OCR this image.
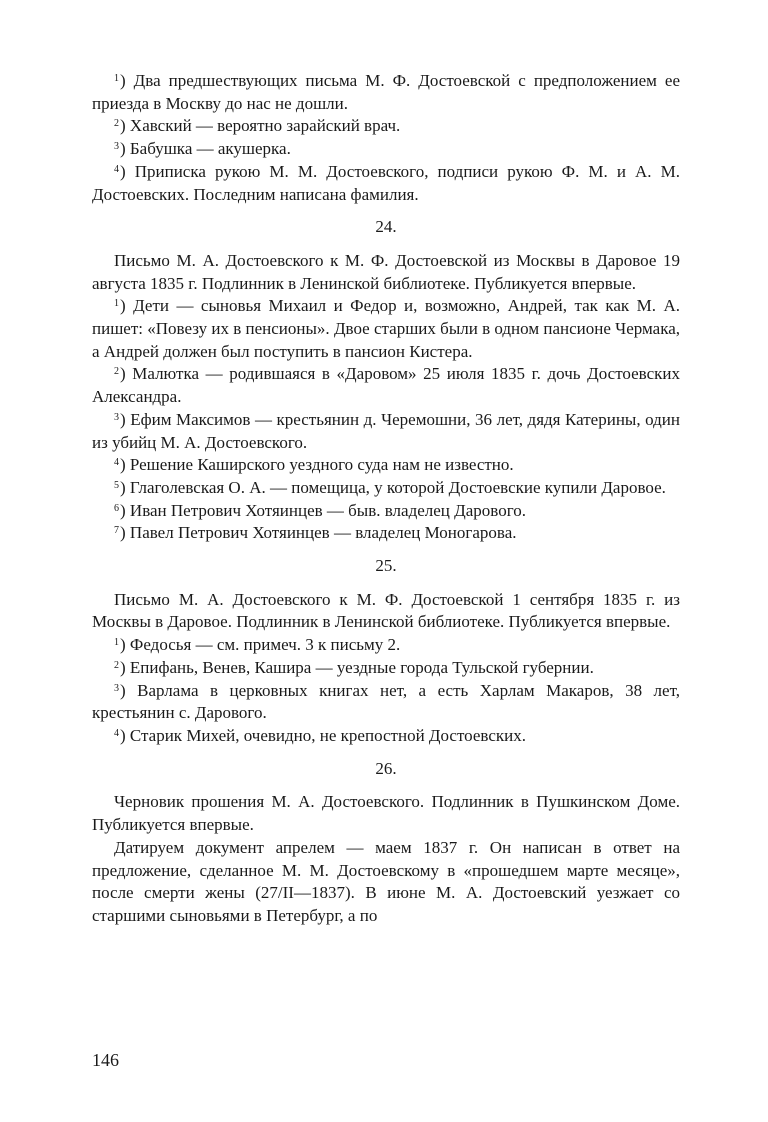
$^1$) Два предшествующих письма М. Ф. Достоевской с предположением ее приезда в Москву до нас не дошли.

$^2$) Хавский — вероятно зарайский врач.

$^3$) Бабушка — акушерка.

$^4$) Приписка рукою М. М. Достоевского, подписи рукою Ф. М. и А. М. Достоевских. Последним написана фамилия.

24.

Письмо М. А. Достоевского к М. Ф. Достоевской из Москвы в Даровое 19 августа 1835 г. Подлинник в Ленинской библиотеке. Публикуется впервые.

$^1$) Дети — сыновья Михаил и Федор и, возможно, Андрей, так как М. А. пишет: «Повезу их в пенсионы». Двое старших были в одном пансионе Чермака, а Андрей должен был поступить в пансион Кистера.

$^2$) Малютка — родившаяся в «Даровом» 25 июля 1835 г. дочь Достоевских Александра.

$^3$) Ефим Максимов — крестьянин д. Черемошни, 36 лет, дядя Катерины, один из убийц М. А. Достоевского.

$^4$) Решение Каширского уездного суда нам не известно.

$^5$) Глаголевская О. А. — помещица, у которой Достоевские купили Даровое.

$^6$) Иван Петрович Хотяинцев — быв. владелец Дарового.

$^7$) Павел Петрович Хотяинцев — владелец Моногарова.

25.

Письмо М. А. Достоевского к М. Ф. Достоевской 1 сентября 1835 г. из Москвы в Даровое. Подлинник в Ленинской библиотеке. Публикуется впервые.

$^1$) Федосья — см. примеч. 3 к письму 2.

$^2$) Епифань, Венев, Кашира — уездные города Тульской губернии.

$^3$) Варлама в церковных книгах нет, а есть Харлам Макаров, 38 лет, крестьянин с. Дарового.

$^4$) Старик Михей, очевидно, не крепостной Достоевских.

26.

Черновик прошения М. А. Достоевского. Подлинник в Пушкинском Доме. Публикуется впервые.

Датируем документ апрелем — маем 1837 г. Он написан в ответ на предложение, сделанное М. М. Достоевскому в «прошедшем марте месяце», после смерти жены (27/II—1837). В июне М. А. Достоевский уезжает со старшими сыновьями в Петербург, а по

146
